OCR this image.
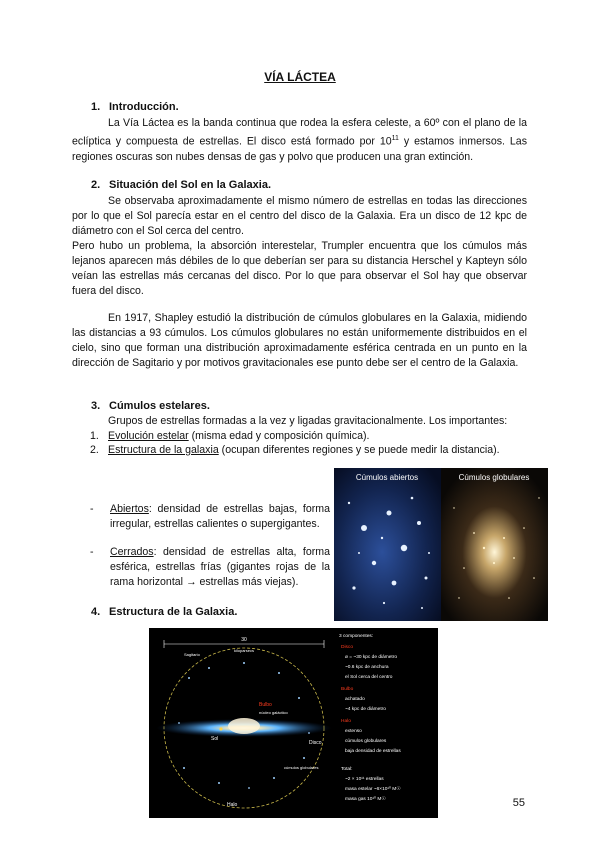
VÍA LÁCTEA
1. Introducción.
La Vía Láctea es la banda continua que rodea la esfera celeste, a 60º con el plano de la eclíptica y compuesta de estrellas. El disco está formado por $10^{11}$ y estamos inmersos. Las regiones oscuras son nubes densas de gas y polvo que producen una gran extinción.
2. Situación del Sol en la Galaxia.
Se observaba aproximadamente el mismo número de estrellas en todas las direcciones por lo que el Sol parecía estar en el centro del disco de la Galaxia. Era un disco de 12 kpc de diámetro con el Sol cerca del centro.
Pero hubo un problema, la absorción interestelar, Trumpler encuentra que los cúmulos más lejanos aparecen más débiles de lo que deberían ser para su distancia Herschel y Kapteyn sólo veían las estrellas más cercanas del disco. Por lo que para observar el Sol hay que observar fuera del disco.
En 1917, Shapley estudió la distribución de cúmulos globulares en la Galaxia, midiendo las distancias a 93 cúmulos. Los cúmulos globulares no están uniformemente distribuidos en el cielo, sino que forman una distribución aproximadamente esférica centrada en un punto en la dirección de Sagitario y por motivos gravitacionales ese punto debe ser el centro de la Galaxia.
3. Cúmulos estelares.
Grupos de estrellas formadas a la vez y ligadas gravitacionalmente. Los importantes:
1. Evolución estelar (misma edad y composición química).
2. Estructura de la galaxia (ocupan diferentes regiones y se puede medir la distancia).
- Abiertos: densidad de estrellas bajas, forma irregular, estrellas calientes o supergigantes.
- Cerrados: densidad de estrellas alta, forma esférica, estrellas frías (gigantes rojas de la rama horizontal → estrellas más viejas).
Cúmulos abiertos	Cúmulos globulares
4. Estructura de la Galaxia.
30
kiloparsecs
Bulbo
Sol
Disco
Halo
cúmulos globulares
núcleo galáctico
Sagitario
3 componentes:
Disco
ø = ~30 kpc de diámetro
~0.6 kpc de anchura
el Sol cerca del centro
Bulbo
achatado
~4 kpc de diámetro
Halo
extenso
cúmulos globulares
baja densidad de estrellas
Total:
~2 × 10¹¹ estrellas
masa estelar ~6×10¹⁰ M☉
masa gas 10¹⁰ M☉	55
